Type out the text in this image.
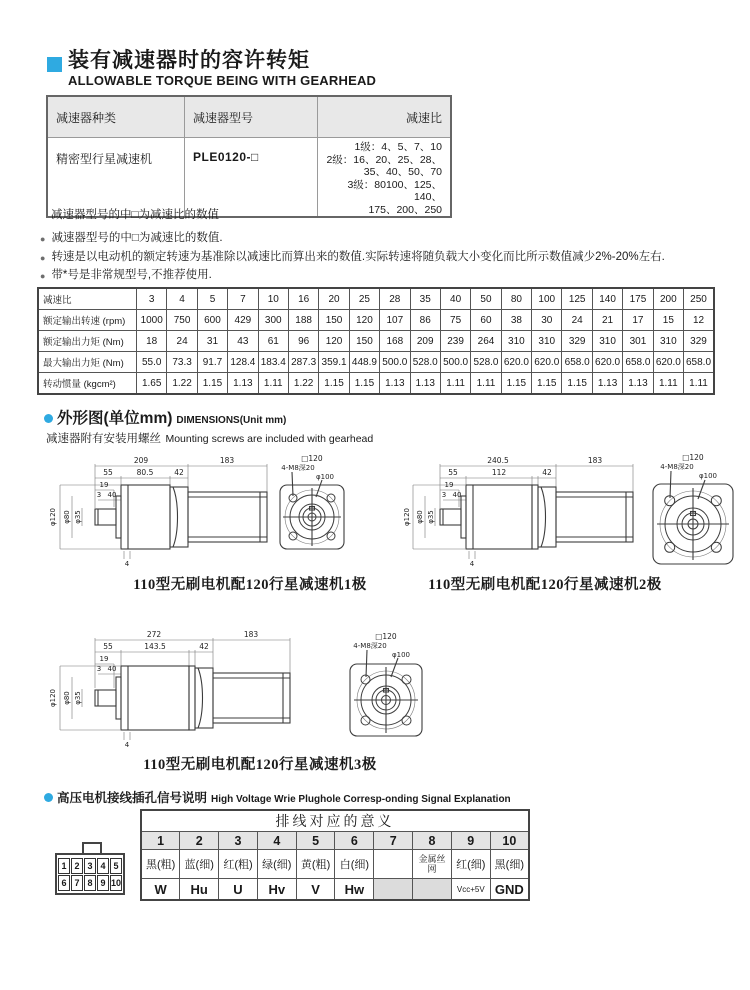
装有减速器时的容许转矩
ALLOWABLE TORQUE BEING WITH GEARHEAD
减速器种类	减速器型号	减速比
精密型行星减速机	PLE0120-□	1级：4、5、7、10
2级：16、20、25、28、
35、40、50、70
3级：80100、125、140、
175、200、250
减速器型号的中□为减速比的数值
● 减速器型号的中□为减速比的数值.
● 转速是以电动机的额定转速为基准除以减速比而算出来的数值.实际转速将随负载大小变化而比所示数值减少2%-20%左右.
● 带*号是非常规型号,不推荐使用.
减速比	3	4	5	7	10	16	20	25	28	35	40	50	80	100	125	140	175	200	250
额定输出转速 (rpm)	1000	750	600	429	300	188	150	120	107	86	75	60	38	30	24	21	17	15	12
额定输出力矩 (Nm)	18	24	31	43	61	96	120	150	168	209	239	264	310	310	329	310	301	310	329
最大输出力矩 (Nm)	55.0	73.3	91.7	128.4	183.4	287.3	359.1	448.9	500.0	528.0	500.0	528.0	620.0	620.0	658.0	620.0	658.0	620.0	658.0
转动惯量 (kgcm²)	1.65	1.22	1.15	1.13	1.11	1.22	1.15	1.15	1.13	1.13	1.11	1.11	1.15	1.15	1.15	1.13	1.13	1.11	1.11
外形图(单位mm) DIMENSIONS(Unit mm)
减速器附有安装用螺丝 Mounting screws are included with gearhead
209	183
55	80.5	42
19
3 40
4
φ120 φ80 φ35
□120
4-M8深20
φ100
110型无刷电机配120行星减速机1极
240.5	183
55	112	42
19
3 40
4
φ120 φ80 φ35
□120
4-M8深20
φ100
110型无刷电机配120行星减速机2极
272	183
55	143.5	42
19
3 40
4
φ120 φ80 φ35
□120
4-M8深20
φ100
110型无刷电机配120行星减速机3极
高压电机接线插孔信号说明 High Voltage Wrie Plughole Corresp-onding Signal Explanation
1 2 3 4 5
6 7 8 9 10
排线对应的意义									
1	2	3	4	5	6	7	8	9	10
黑(粗)	蓝(细)	红(粗)	绿(细)	黄(粗)	白(细)		金属丝网	红(细)	黑(细)
W	Hu	U	Hv	V	Hw			Vcc+5V	GND
